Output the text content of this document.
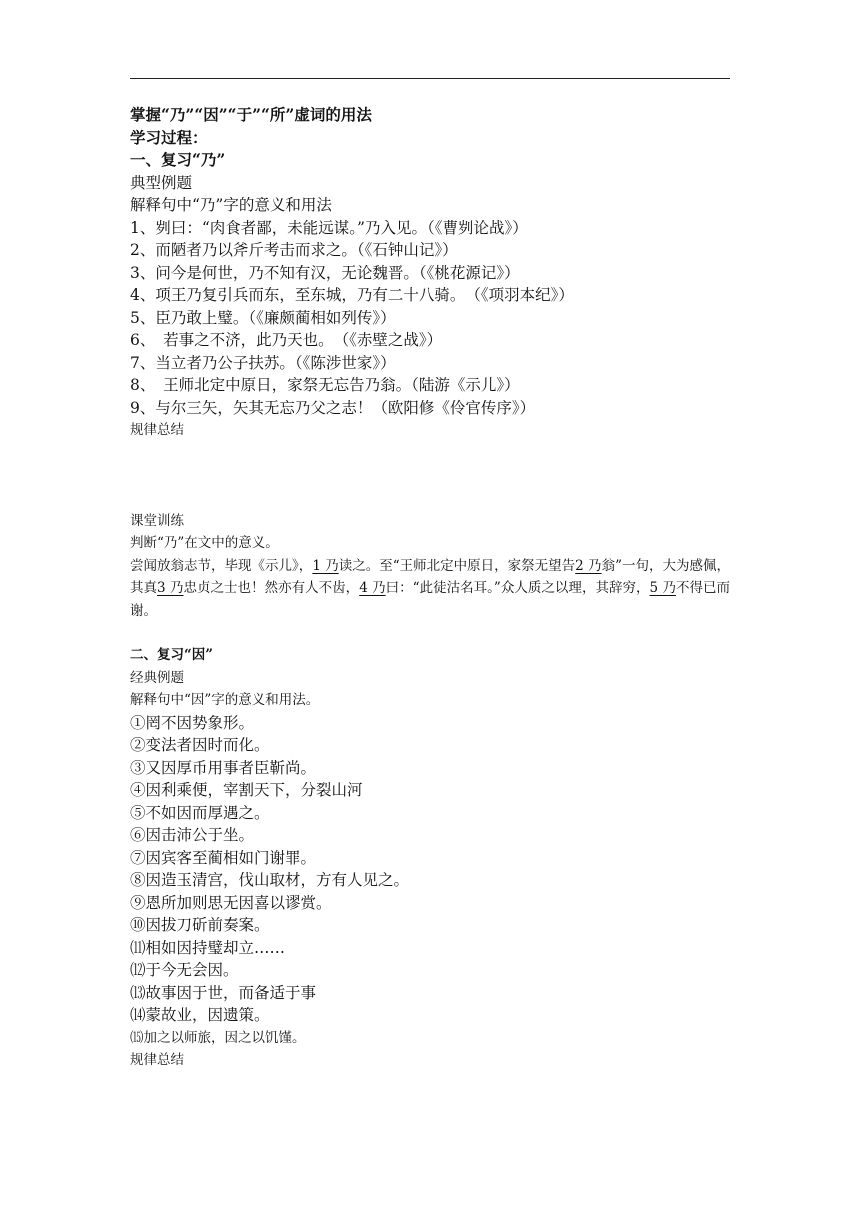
掌握“乃”“因”“于”“所”虚词的用法
学习过程：
一、复习“乃”
典型例题
解释句中“乃”字的意义和用法
1、刿曰：“肉食者鄙，未能远谋。”乃入见。（《曹刿论战》）
2、而陋者乃以斧斤考击而求之。（《石钟山记》）
3、问今是何世，乃不知有汉，无论魏晋。（《桃花源记》）
4、项王乃复引兵而东，至东城，乃有二十八骑。　（《项羽本纪》）
5、臣乃敢上璧。（《廉颇蔺相如列传》）
6、　若事之不济，此乃天也。　（《赤壁之战》）
7、当立者乃公子扶苏。（《陈涉世家》）
8、　王师北定中原日，家祭无忘告乃翁。（陆游《示儿》）
9、与尔三矢，矢其无忘乃父之志！（欧阳修《伶官传序》）
规律总结
课堂训练
判断“乃”在文中的意义。
尝闻放翁志节，毕现《示儿》，1 乃读之。至“王师北定中原日，家祭无望告2 乃翁”一句，大为感佩，其真3 乃忠贞之士也！然亦有人不齿，4 乃曰：“此徒沽名耳。”众人质之以理，其辞穷，5 乃不得已而谢。
二、复习“因”
经典例题
解释句中“因”字的意义和用法。
①罔不因势象形。
②变法者因时而化。
③又因厚币用事者臣靳尚。
④因利乘便，宰割天下，分裂山河
⑤不如因而厚遇之。
⑥因击沛公于坐。
⑦因宾客至蔺相如门谢罪。
⑧因造玉清宫，伐山取材，方有人见之。
⑨恩所加则思无因喜以谬赏。
⑩因拔刀斫前奏案。
⑾相如因持璧却立……
⑿于今无会因。
⒀故事因于世，而备适于事
⒁蒙故业，因遗策。
⒂加之以师旅，因之以饥馑。
规律总结
